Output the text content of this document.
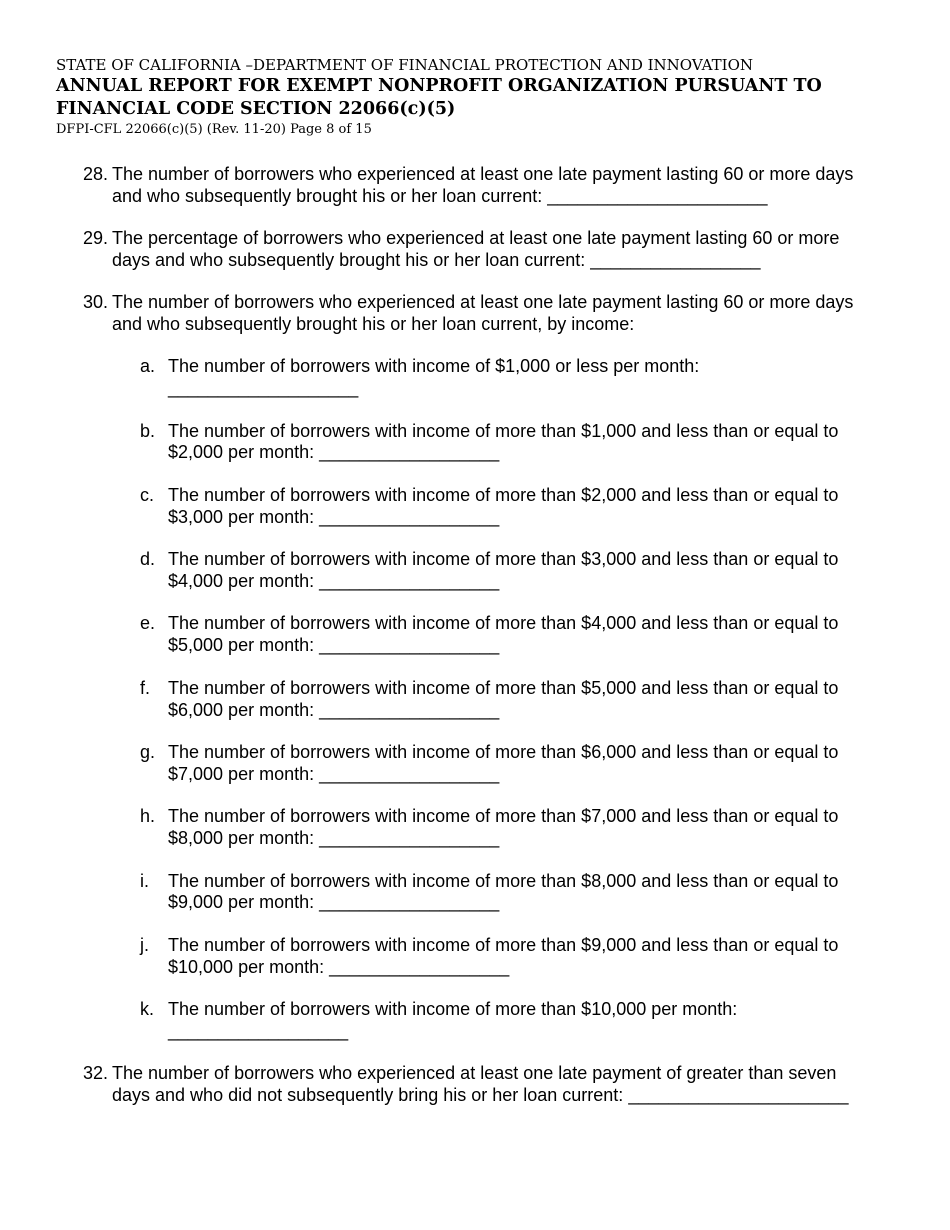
STATE OF CALIFORNIA –DEPARTMENT OF FINANCIAL PROTECTION AND INNOVATION
ANNUAL REPORT FOR EXEMPT NONPROFIT ORGANIZATION PURSUANT TO
FINANCIAL CODE SECTION 22066(c)(5)
DFPI-CFL 22066(c)(5) (Rev. 11-20) Page 8 of 15
28. The number of borrowers who experienced at least one late payment lasting 60 or more days
and who subsequently brought his or her loan current: ______________________
29. The percentage of borrowers who experienced at least one late payment lasting 60 or more
days and who subsequently brought his or her loan current: _________________
30. The number of borrowers who experienced at least one late payment lasting 60 or more days
and who subsequently brought his or her loan current, by income:
a. The number of borrowers with income of $1,000 or less per month:
___________________
b. The number of borrowers with income of more than $1,000 and less than or equal to
$2,000 per month: __________________
c. The number of borrowers with income of more than $2,000 and less than or equal to
$3,000 per month: __________________
d. The number of borrowers with income of more than $3,000 and less than or equal to
$4,000 per month: __________________
e. The number of borrowers with income of more than $4,000 and less than or equal to
$5,000 per month: __________________
f. The number of borrowers with income of more than $5,000 and less than or equal to
$6,000 per month: __________________
g. The number of borrowers with income of more than $6,000 and less than or equal to
$7,000 per month: __________________
h. The number of borrowers with income of more than $7,000 and less than or equal to
$8,000 per month: __________________
i. The number of borrowers with income of more than $8,000 and less than or equal to
$9,000 per month: __________________
j. The number of borrowers with income of more than $9,000 and less than or equal to
$10,000 per month: __________________
k. The number of borrowers with income of more than $10,000 per month:
__________________
32. The number of borrowers who experienced at least one late payment of greater than seven
days and who did not subsequently bring his or her loan current: ______________________
